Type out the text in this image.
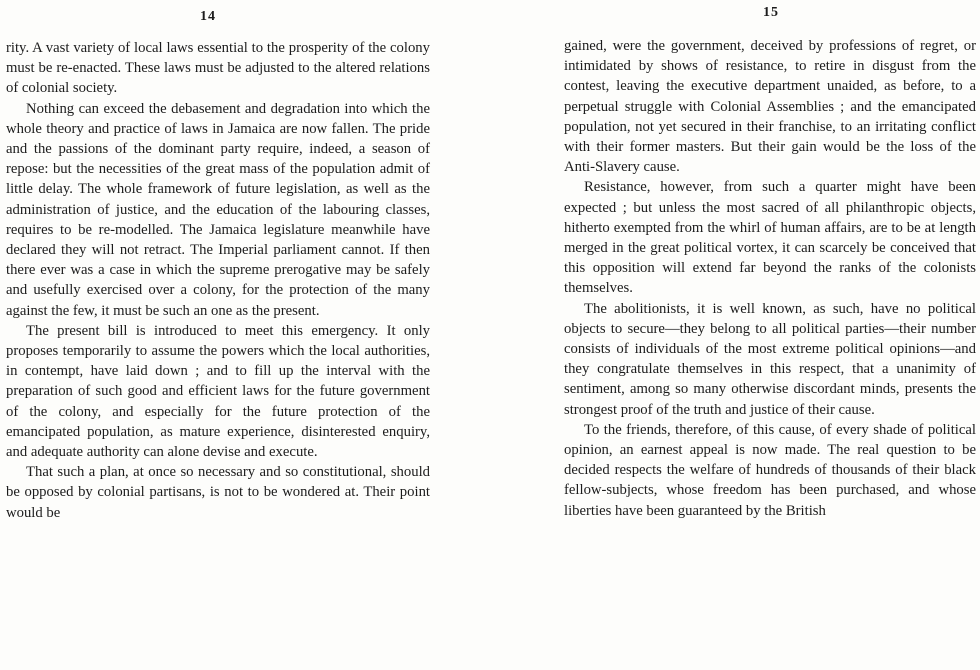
14

rity. A vast variety of local laws essential to the prosperity of the colony must be re-enacted. These laws must be adjusted to the altered relations of colonial society.

Nothing can exceed the debasement and degradation into which the whole theory and practice of laws in Jamaica are now fallen. The pride and the passions of the dominant party require, indeed, a season of repose: but the necessities of the great mass of the population admit of little delay. The whole framework of future legislation, as well as the administration of justice, and the education of the labouring classes, requires to be re-modelled. The Jamaica legislature meanwhile have declared they will not retract. The Imperial parliament cannot. If then there ever was a case in which the supreme prerogative may be safely and usefully exercised over a colony, for the protection of the many against the few, it must be such an one as the present.

The present bill is introduced to meet this emergency. It only proposes temporarily to assume the powers which the local authorities, in contempt, have laid down ; and to fill up the interval with the preparation of such good and efficient laws for the future government of the colony, and especially for the future protection of the emancipated population, as mature experience, disinterested enquiry, and adequate authority can alone devise and execute.

That such a plan, at once so necessary and so constitutional, should be opposed by colonial partisans, is not to be wondered at. Their point would be

15

gained, were the government, deceived by professions of regret, or intimidated by shows of resistance, to retire in disgust from the contest, leaving the executive department unaided, as before, to a perpetual struggle with Colonial Assemblies ; and the emancipated population, not yet secured in their franchise, to an irritating conflict with their former masters. But their gain would be the loss of the Anti-Slavery cause.

Resistance, however, from such a quarter might have been expected ; but unless the most sacred of all philanthropic objects, hitherto exempted from the whirl of human affairs, are to be at length merged in the great political vortex, it can scarcely be conceived that this opposition will extend far beyond the ranks of the colonists themselves.

The abolitionists, it is well known, as such, have no political objects to secure—they belong to all political parties—their number consists of individuals of the most extreme political opinions—and they congratulate themselves in this respect, that a unanimity of sentiment, among so many otherwise discordant minds, presents the strongest proof of the truth and justice of their cause.

To the friends, therefore, of this cause, of every shade of political opinion, an earnest appeal is now made. The real question to be decided respects the welfare of hundreds of thousands of their black fellow-subjects, whose freedom has been purchased, and whose liberties have been guaranteed by the British
